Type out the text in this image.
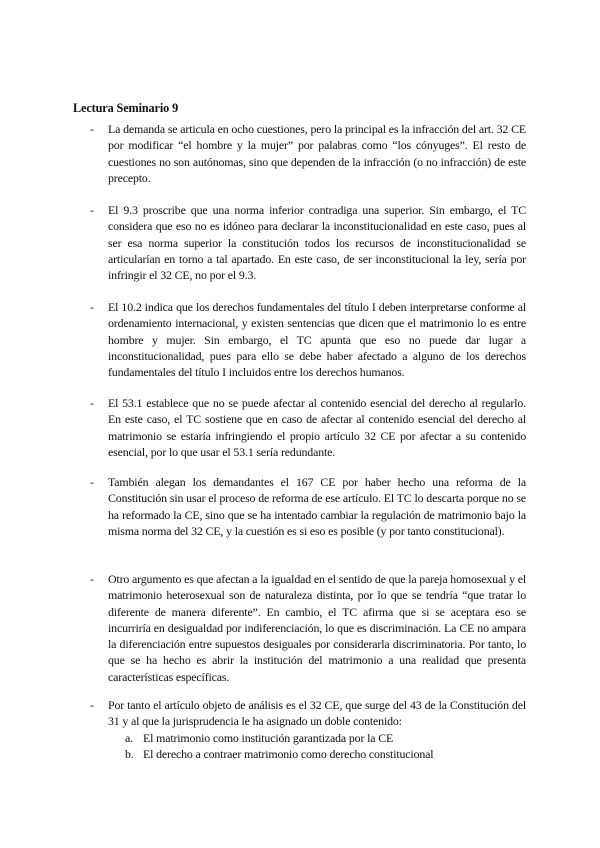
Lectura Seminario 9
- La demanda se articula en ocho cuestiones, pero la principal es la infracción del art. 32 CE por modificar “el hombre y la mujer” por palabras como “los cónyuges”. El resto de cuestiones no son autónomas, sino que dependen de la infracción (o no infracción) de este precepto.
- El 9.3 proscribe que una norma inferior contradiga una superior. Sin embargo, el TC considera que eso no es idóneo para declarar la inconstitucionalidad en este caso, pues al ser esa norma superior la constitución todos los recursos de inconstitucionalidad se articularían en torno a tal apartado. En este caso, de ser inconstitucional la ley, sería por infringir el 32 CE, no por el 9.3.
- El 10.2 indica que los derechos fundamentales del título I deben interpretarse conforme al ordenamiento internacional, y existen sentencias que dicen que el matrimonio lo es entre hombre y mujer. Sin embargo, el TC apunta que eso no puede dar lugar a inconstitucionalidad, pues para ello se debe haber afectado a alguno de los derechos fundamentales del título I incluidos entre los derechos humanos.
- El 53.1 establece que no se puede afectar al contenido esencial del derecho al regularlo. En este caso, el TC sostiene que en caso de afectar al contenido esencial del derecho al matrimonio se estaría infringiendo el propio artículo 32 CE por afectar a su contenido esencial, por lo que usar el 53.1 sería redundante.
- También alegan los demandantes el 167 CE por haber hecho una reforma de la Constitución sin usar el proceso de reforma de ese artículo. El TC lo descarta porque no se ha reformado la CE, sino que se ha intentado cambiar la regulación de matrimonio bajo la misma norma del 32 CE, y la cuestión es si eso es posible (y por tanto constitucional).
- Otro argumento es que afectan a la igualdad en el sentido de que la pareja homosexual y el matrimonio heterosexual son de naturaleza distinta, por lo que se tendría “que tratar lo diferente de manera diferente”. En cambio, el TC afirma que si se aceptara eso se incurriría en desigualdad por indiferenciación, lo que es discriminación. La CE no ampara la diferenciación entre supuestos desiguales por considerarla discriminatoria. Por tanto, lo que se ha hecho es abrir la institución del matrimonio a una realidad que presenta características específicas.
- Por tanto el artículo objeto de análisis es el 32 CE, que surge del 43 de la Constitución del 31 y al que la jurisprudencia le ha asignado un doble contenido:
a. El matrimonio como institución garantizada por la CE
b. El derecho a contraer matrimonio como derecho constitucional
